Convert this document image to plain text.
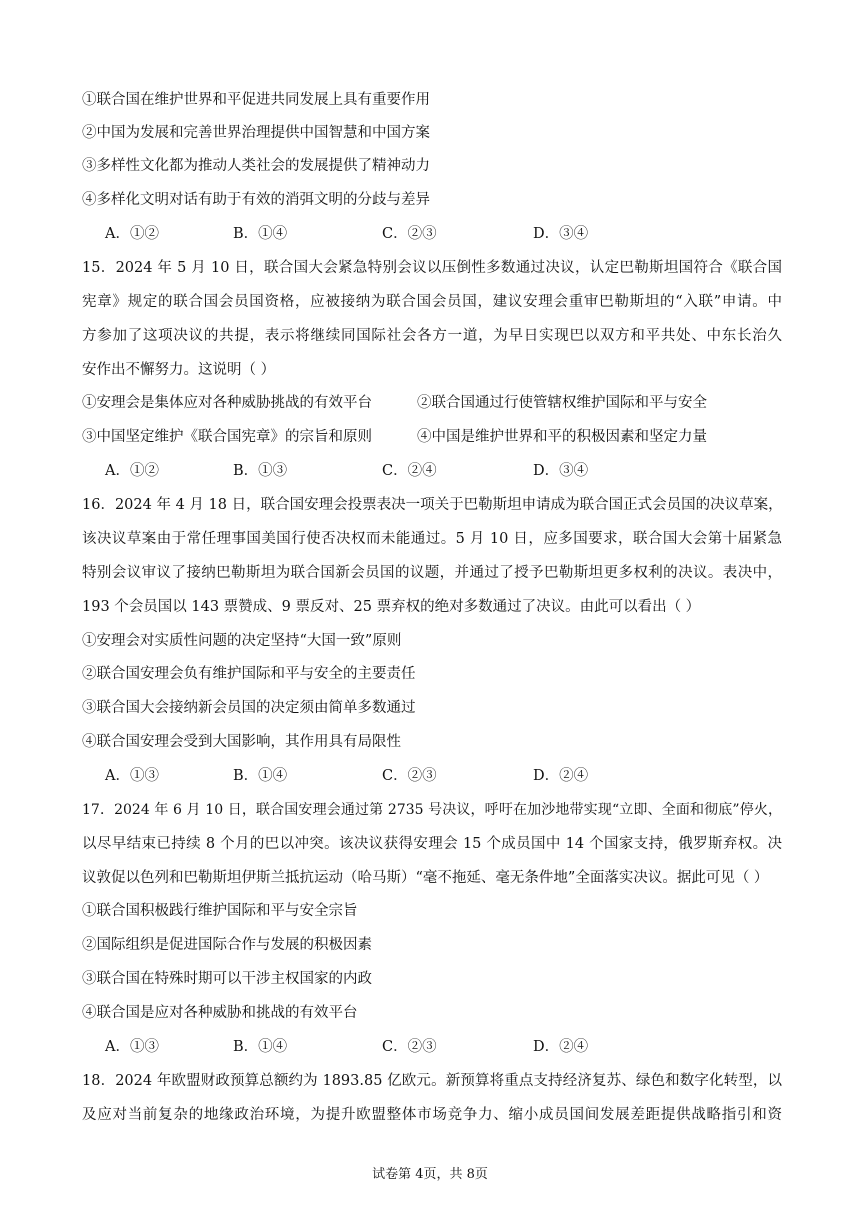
①联合国在维护世界和平促进共同发展上具有重要作用
②中国为发展和完善世界治理提供中国智慧和中国方案
③多样性文化都为推动人类社会的发展提供了精神动力
④多样化文明对话有助于有效的消弭文明的分歧与差异
A．①②	B．①④	C．②③	D．③④
15．2024 年 5 月 10 日，联合国大会紧急特别会议以压倒性多数通过决议，认定巴勒斯坦国符合《联合国
宪章》规定的联合国会员国资格，应被接纳为联合国会员国，建议安理会重审巴勒斯坦的“入联”申请。中
方参加了这项决议的共提，表示将继续同国际社会各方一道，为早日实现巴以双方和平共处、中东长治久
安作出不懈努力。这说明（ ）
①安理会是集体应对各种威胁挑战的有效平台	②联合国通过行使管辖权维护国际和平与安全
③中国坚定维护《联合国宪章》的宗旨和原则	④中国是维护世界和平的积极因素和坚定力量
A．①②	B．①③	C．②④	D．③④
16．2024 年 4 月 18 日，联合国安理会投票表决一项关于巴勒斯坦申请成为联合国正式会员国的决议草案，
该决议草案由于常任理事国美国行使否决权而未能通过。5 月 10 日，应多国要求，联合国大会第十届紧急
特别会议审议了接纳巴勒斯坦为联合国新会员国的议题，并通过了授予巴勒斯坦更多权利的决议。表决中，
193 个会员国以 143 票赞成、9 票反对、25 票弃权的绝对多数通过了决议。由此可以看出（ ）
①安理会对实质性问题的决定坚持“大国一致”原则
②联合国安理会负有维护国际和平与安全的主要责任
③联合国大会接纳新会员国的决定须由简单多数通过
④联合国安理会受到大国影响，其作用具有局限性
A．①③	B．①④	C．②③	D．②④
17．2024 年 6 月 10 日，联合国安理会通过第 2735 号决议，呼吁在加沙地带实现“立即、全面和彻底”停火，
以尽早结束已持续 8 个月的巴以冲突。该决议获得安理会 15 个成员国中 14 个国家支持，俄罗斯弃权。决
议敦促以色列和巴勒斯坦伊斯兰抵抗运动（哈马斯）“毫不拖延、毫无条件地”全面落实决议。据此可见（ ）
①联合国积极践行维护国际和平与安全宗旨
②国际组织是促进国际合作与发展的积极因素
③联合国在特殊时期可以干涉主权国家的内政
④联合国是应对各种威胁和挑战的有效平台
A．①③	B．①④	C．②③	D．②④
18．2024 年欧盟财政预算总额约为 1893.85 亿欧元。新预算将重点支持经济复苏、绿色和数字化转型，以
及应对当前复杂的地缘政治环境，为提升欧盟整体市场竞争力、缩小成员国间发展差距提供战略指引和资
试卷第 4页，共 8页
